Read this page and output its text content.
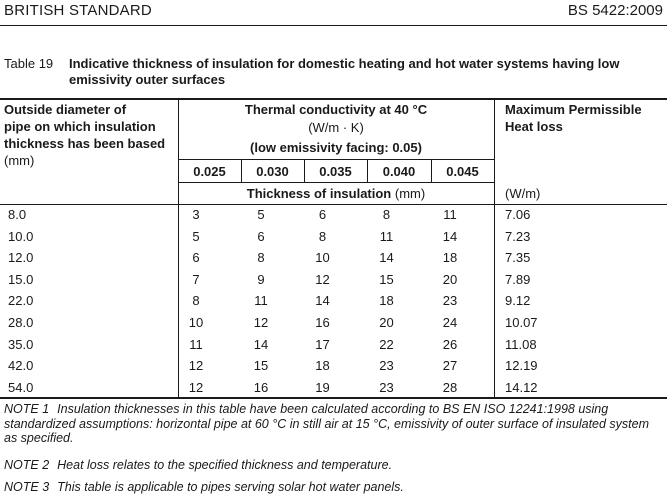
BRITISH STANDARD	BS 5422:2009
Table 19 Indicative thickness of insulation for domestic heating and hot water systems having low emissivity outer surfaces
Outside diameter of
pipe on which insulation
thickness has been based
(mm)
Thermal conductivity at 40 °C
(W/m · K)
(low emissivity facing: 0.05)
0.025	0.030	0.035	0.040	0.045
Thickness of insulation (mm)
Maximum Permissible
Heat loss
(W/m)
8.0	3	5	6	8	11	7.06
10.0	5	6	8	11	14	7.23
12.0	6	8	10	14	18	7.35
15.0	7	9	12	15	20	7.89
22.0	8	11	14	18	23	9.12
28.0	10	12	16	20	24	10.07
35.0	11	14	17	22	26	11.08
42.0	12	15	18	23	27	12.19
54.0	12	16	19	23	28	14.12
NOTE 1 Insulation thicknesses in this table have been calculated according to BS EN ISO 12241:1998 using standardized assumptions: horizontal pipe at 60 °C in still air at 15 °C, emissivity of outer surface of insulated system as specified.
NOTE 2 Heat loss relates to the specified thickness and temperature.
NOTE 3 This table is applicable to pipes serving solar hot water panels.
